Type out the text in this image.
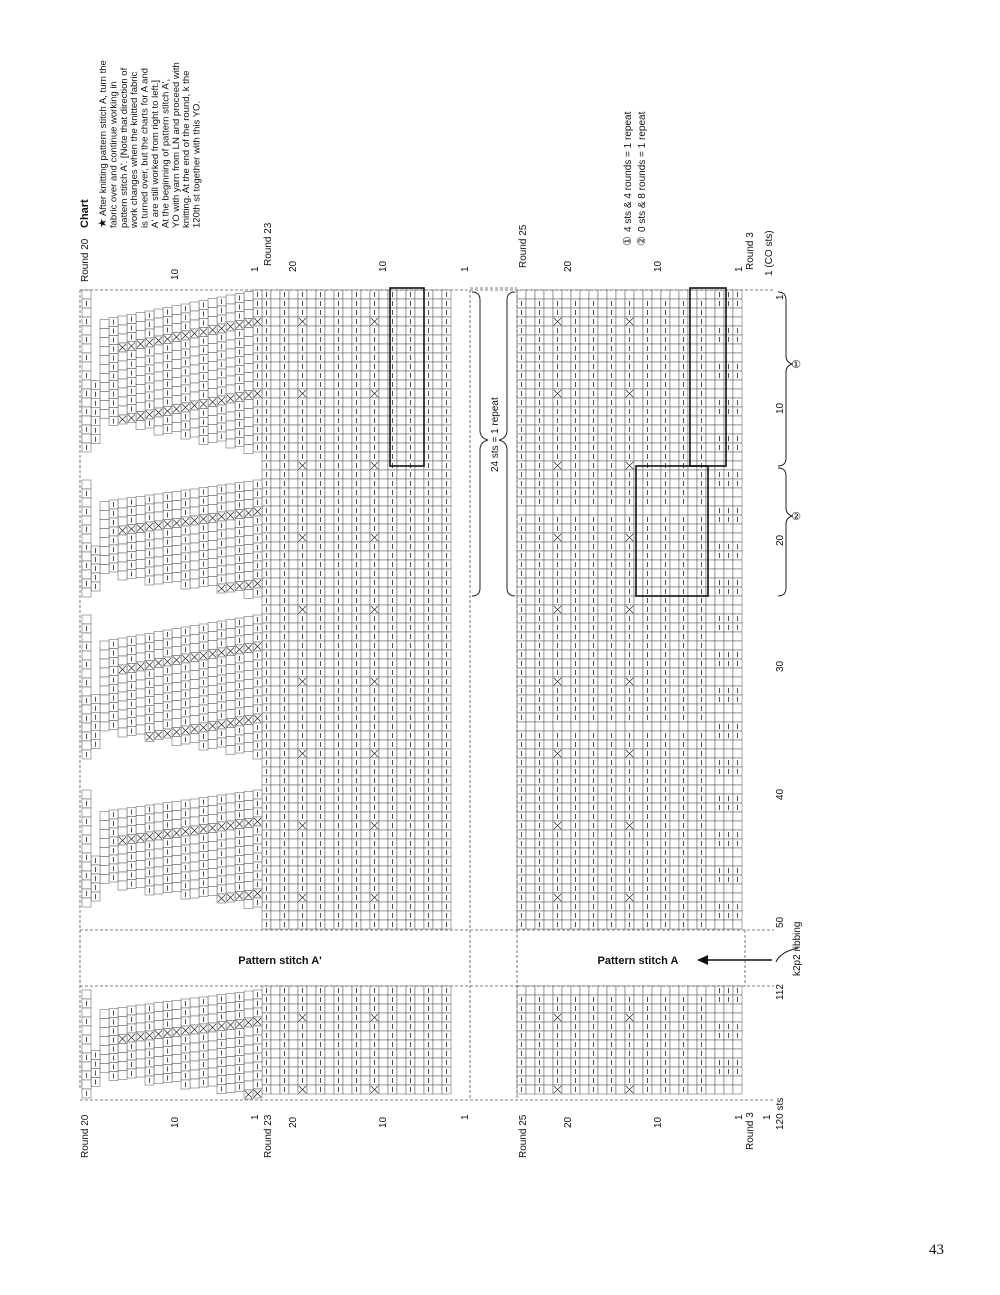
Chart ★
After knitting pattern stitch A, turn the fabric over and continue working in pattern stitch A'. [Note that direction of work changes when the knitted fabric is turned over, but the charts for A and A' are still worked from right to left.] At the beginning of pattern stitch A', YO with yarn from LN and proceed with knitting. At the end of the round, k the 120th st together with this YO.
①
4 sts & 4 rounds = 1 repeat
②
0 sts & 8 rounds = 1 repeat
Pattern stitch A'	Pattern stitch A
24 sts = 1 repeat
k2p2 ribbing
120 sts
1 (CO sts)
Round 20	Round 23	Round 25	Round 3
Round 20	Round 23	Round 25	Round 3
①
②
10	1	20	10	1	20	10	1
10	1	20	10	1	20	10	1 1
1
10
20
30
40
50
112
43
